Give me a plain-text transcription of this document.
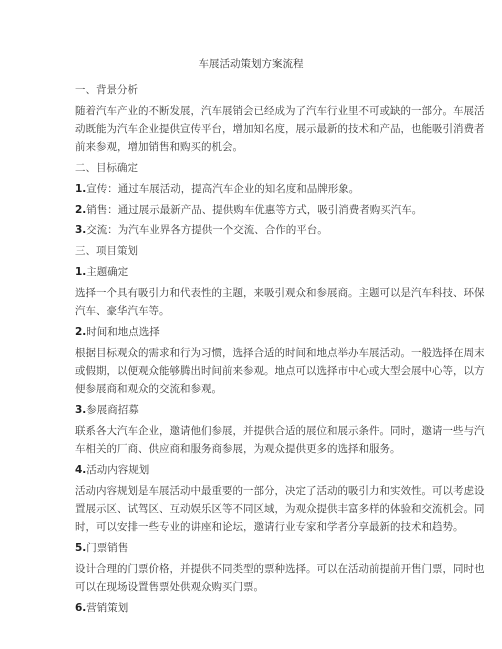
车展活动策划方案流程
一、背景分析
随着汽车产业的不断发展，汽车展销会已经成为了汽车行业里不可或缺的一部分。车展活
动既能为汽车企业提供宣传平台，增加知名度，展示最新的技术和产品，也能吸引消费者
前来参观，增加销售和购买的机会。
二、目标确定
1.宣传：通过车展活动，提高汽车企业的知名度和品牌形象。
2.销售：通过展示最新产品、提供购车优惠等方式，吸引消费者购买汽车。
3.交流：为汽车业界各方提供一个交流、合作的平台。
三、项目策划
1.主题确定
选择一个具有吸引力和代表性的主题，来吸引观众和参展商。主题可以是汽车科技、环保
汽车、豪华汽车等。
2.时间和地点选择
根据目标观众的需求和行为习惯，选择合适的时间和地点举办车展活动。一般选择在周末
或假期，以便观众能够腾出时间前来参观。地点可以选择市中心或大型会展中心等，以方
便参展商和观众的交流和参观。
3.参展商招募
联系各大汽车企业，邀请他们参展，并提供合适的展位和展示条件。同时，邀请一些与汽
车相关的厂商、供应商和服务商参展，为观众提供更多的选择和服务。
4.活动内容规划
活动内容规划是车展活动中最重要的一部分，决定了活动的吸引力和实效性。可以考虑设
置展示区、试驾区、互动娱乐区等不同区域，为观众提供丰富多样的体验和交流机会。同
时，可以安排一些专业的讲座和论坛，邀请行业专家和学者分享最新的技术和趋势。
5.门票销售
设计合理的门票价格，并提供不同类型的票种选择。可以在活动前提前开售门票，同时也
可以在现场设置售票处供观众购买门票。
6.营销策划
